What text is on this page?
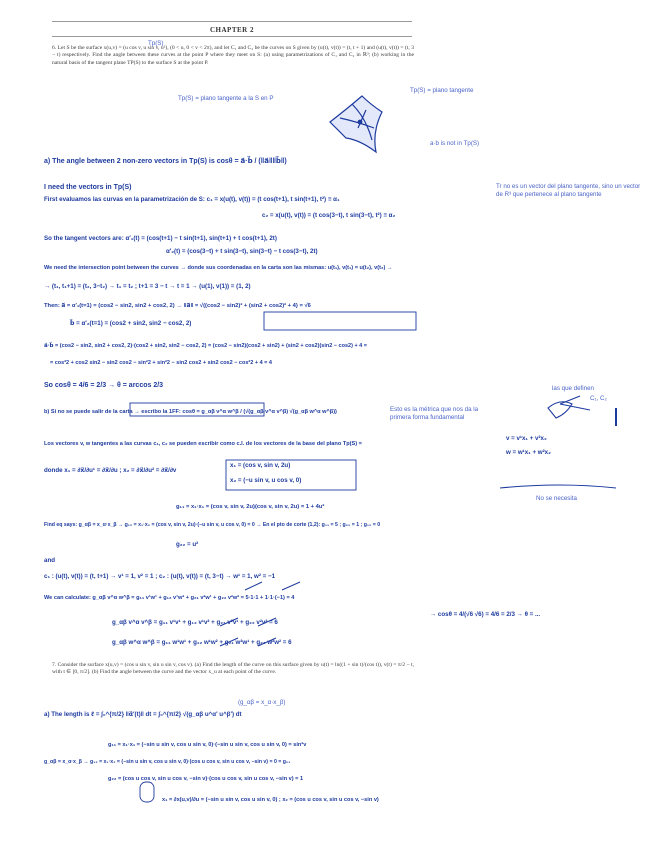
CHAPTER 2
6. Let S be the surface x(u,v) = (u cos v, u sin v, u²), (0 < u, 0 < v < 2π), and let C₁ and C₂ be the curves on S given by (u(t), v(t)) = (t, t + 1) and (u(t), v(t)) = (t, 3 − t) respectively. Find the angle between these curves at the point P where they meet on S: (a) using parametrizations of C₁ and C₂ in ℝ³; (b) working in the natural basis of the tangent plane TP(S) to the surface S at the point P.
Tp(S)
Tp(S) = plano tangente a la S en P
Tp(S) = plano tangente
Tr no es un vector del plano tangente, sino un vector de R³ que pertenece al plano tangente
a·b is not in Tp(S)
a) The angle between 2 non-zero vectors in Tp(S) is cosθ = a⃗·b⃗ / (‖a⃗‖‖b⃗‖)
I need the vectors in Tp(S)
First evaluamos las curvas en la parametrización de S: c₁ = x(u(t), v(t)) = (t cos(t+1), t sin(t+1), t²) ≡ α₁
c₂ = x(u(t), v(t)) = (t cos(3−t), t sin(3−t), t²) ≡ α₂
So the tangent vectors are: α′₁(t) = (cos(t+1) − t sin(t+1), sin(t+1) + t cos(t+1), 2t)
α′₂(t) = (cos(3−t) + t sin(3−t), sin(3−t) − t cos(3−t), 2t)
We need the intersection point between the curves → donde sus coordenadas en la carta son las mismas: u(t₁), v(t₁) = u(t₂), v(t₂) →
→ (t₁, t₁+1) = (t₂, 3−t₂) → t₁ = t₂ ; t+1 = 3 − t → t = 1 → (u(1), v(1)) = (1, 2)
Then: a⃗ = α′₁(t=1) = (cos2 − sin2, sin2 + cos2, 2) → ‖a⃗‖ = √((cos2 − sin2)² + (sin2 + cos2)² + 4) = √6
b⃗ = α′₂(t=1) = (cos2 + sin2, sin2 − cos2, 2)
a⃗·b⃗ = (cos2 − sin2, sin2 + cos2, 2)·(cos2 + sin2, sin2 − cos2, 2) = (cos2 − sin2)(cos2 + sin2) + (sin2 + cos2)(sin2 − cos2) + 4 =
= cos²2 + cos2 sin2 − sin2 cos2 − sin²2 + sin²2 − sin2 cos2 + sin2 cos2 − cos²2 + 4 = 4
So cosθ = 4/6 = 2/3 → θ = arccos 2/3
b) Si no se puede salir de la carta → escribo la 1FF: cosθ = g_αβ v^α w^β / (√(g_αβ v^α v^β) √(g_αβ w^α w^β))
Los vectores v, w tangentes a las curvas c₁, c₂ se pueden escribir como c.l. de los vectores de la base del plano Tp(S) =
donde x₁ = ∂x⃗/∂u¹ = ∂x⃗/∂u ; x₂ = ∂x⃗/∂u² = ∂x⃗/∂v
x₁ = (cos v, sin v, 2u)
x₂ = (−u sin v, u cos v, 0)
las que definen
C₁, C₂
v = v¹x₁ + v²x₂
w = w¹x₁ + w²x₂
Esto es la métrica que nos da la primera forma fundamental
No se necesita
g₁₁ = x₁·x₁ = (cos v, sin v, 2u)(cos v, sin v, 2u) = 1 + 4u²
Find eq says: g_αβ = x_α·x_β → g₁₂ = x₁·x₂ = (cos v, sin v, 2u)·(−u sin v, u cos v, 0) = 0 → En el pto de corte (1,2): g₁₁ = 5 ; g₂₂ = 1 ; g₁₂ = 0
g₂₂ = u²
and
c₁ : (u(t), v(t)) = (t, t+1) → v¹ = 1, v² = 1 ; c₂ : (u(t), v(t)) = (t, 3−t) → w¹ = 1, w² = −1
We can calculate: g_αβ v^α w^β = g₁₁ v¹w¹ + g₁₂ v¹w² + g₂₁ v²w¹ + g₂₂ v²w² = 5·1·1 + 1·1·(−1) = 4
g_αβ v^α v^β = g₁₁ v¹v¹ + g₁₂ v¹v² + g₂₁ v²v¹ + g₂₂ v²v² = 6
g_αβ w^α w^β = g₁₁ w¹w¹ + g₁₂ w¹w² + g₂₁ w²w¹ + g₂₂ w²w² = 6
→ cosθ = 4/(√6 √6) = 4/6 = 2/3 → θ = ...
7. Consider the surface x(u,v) = (cos u sin v, sin u sin v, cos v). (a) Find the length of the curve on this surface given by u(t) = ln((1 + sin t)/(cos t)), v(t) = π/2 − t, with t ∈ [0, π/2]. (b) Find the angle between the curve and the vector x_u at each point of the curve.
a) The length is ℓ = ∫₀^{π/2} ‖α⃗′(t)‖ dt = ∫₀^{π/2} √(g_αβ u^α′ u^β′) dt
(g_αβ = x_α·x_β)
g₁₁ = x₁·x₁ = (−sin u sin v, cos u sin v, 0)·(−sin u sin v, cos u sin v, 0) = sin²v
g_αβ = x_α·x_β → g₁₂ = x₁·x₂ = (−sin u sin v, cos u sin v, 0)·(cos u cos v, sin u cos v, −sin v) = 0 = g₂₁
g₂₂ = (cos u cos v, sin u cos v, −sin v)·(cos u cos v, sin u cos v, −sin v) = 1
x₁ = ∂x(u,v)/∂u = (−sin u sin v, cos u sin v, 0) ; x₂ = (cos u cos v, sin u cos v, −sin v)
